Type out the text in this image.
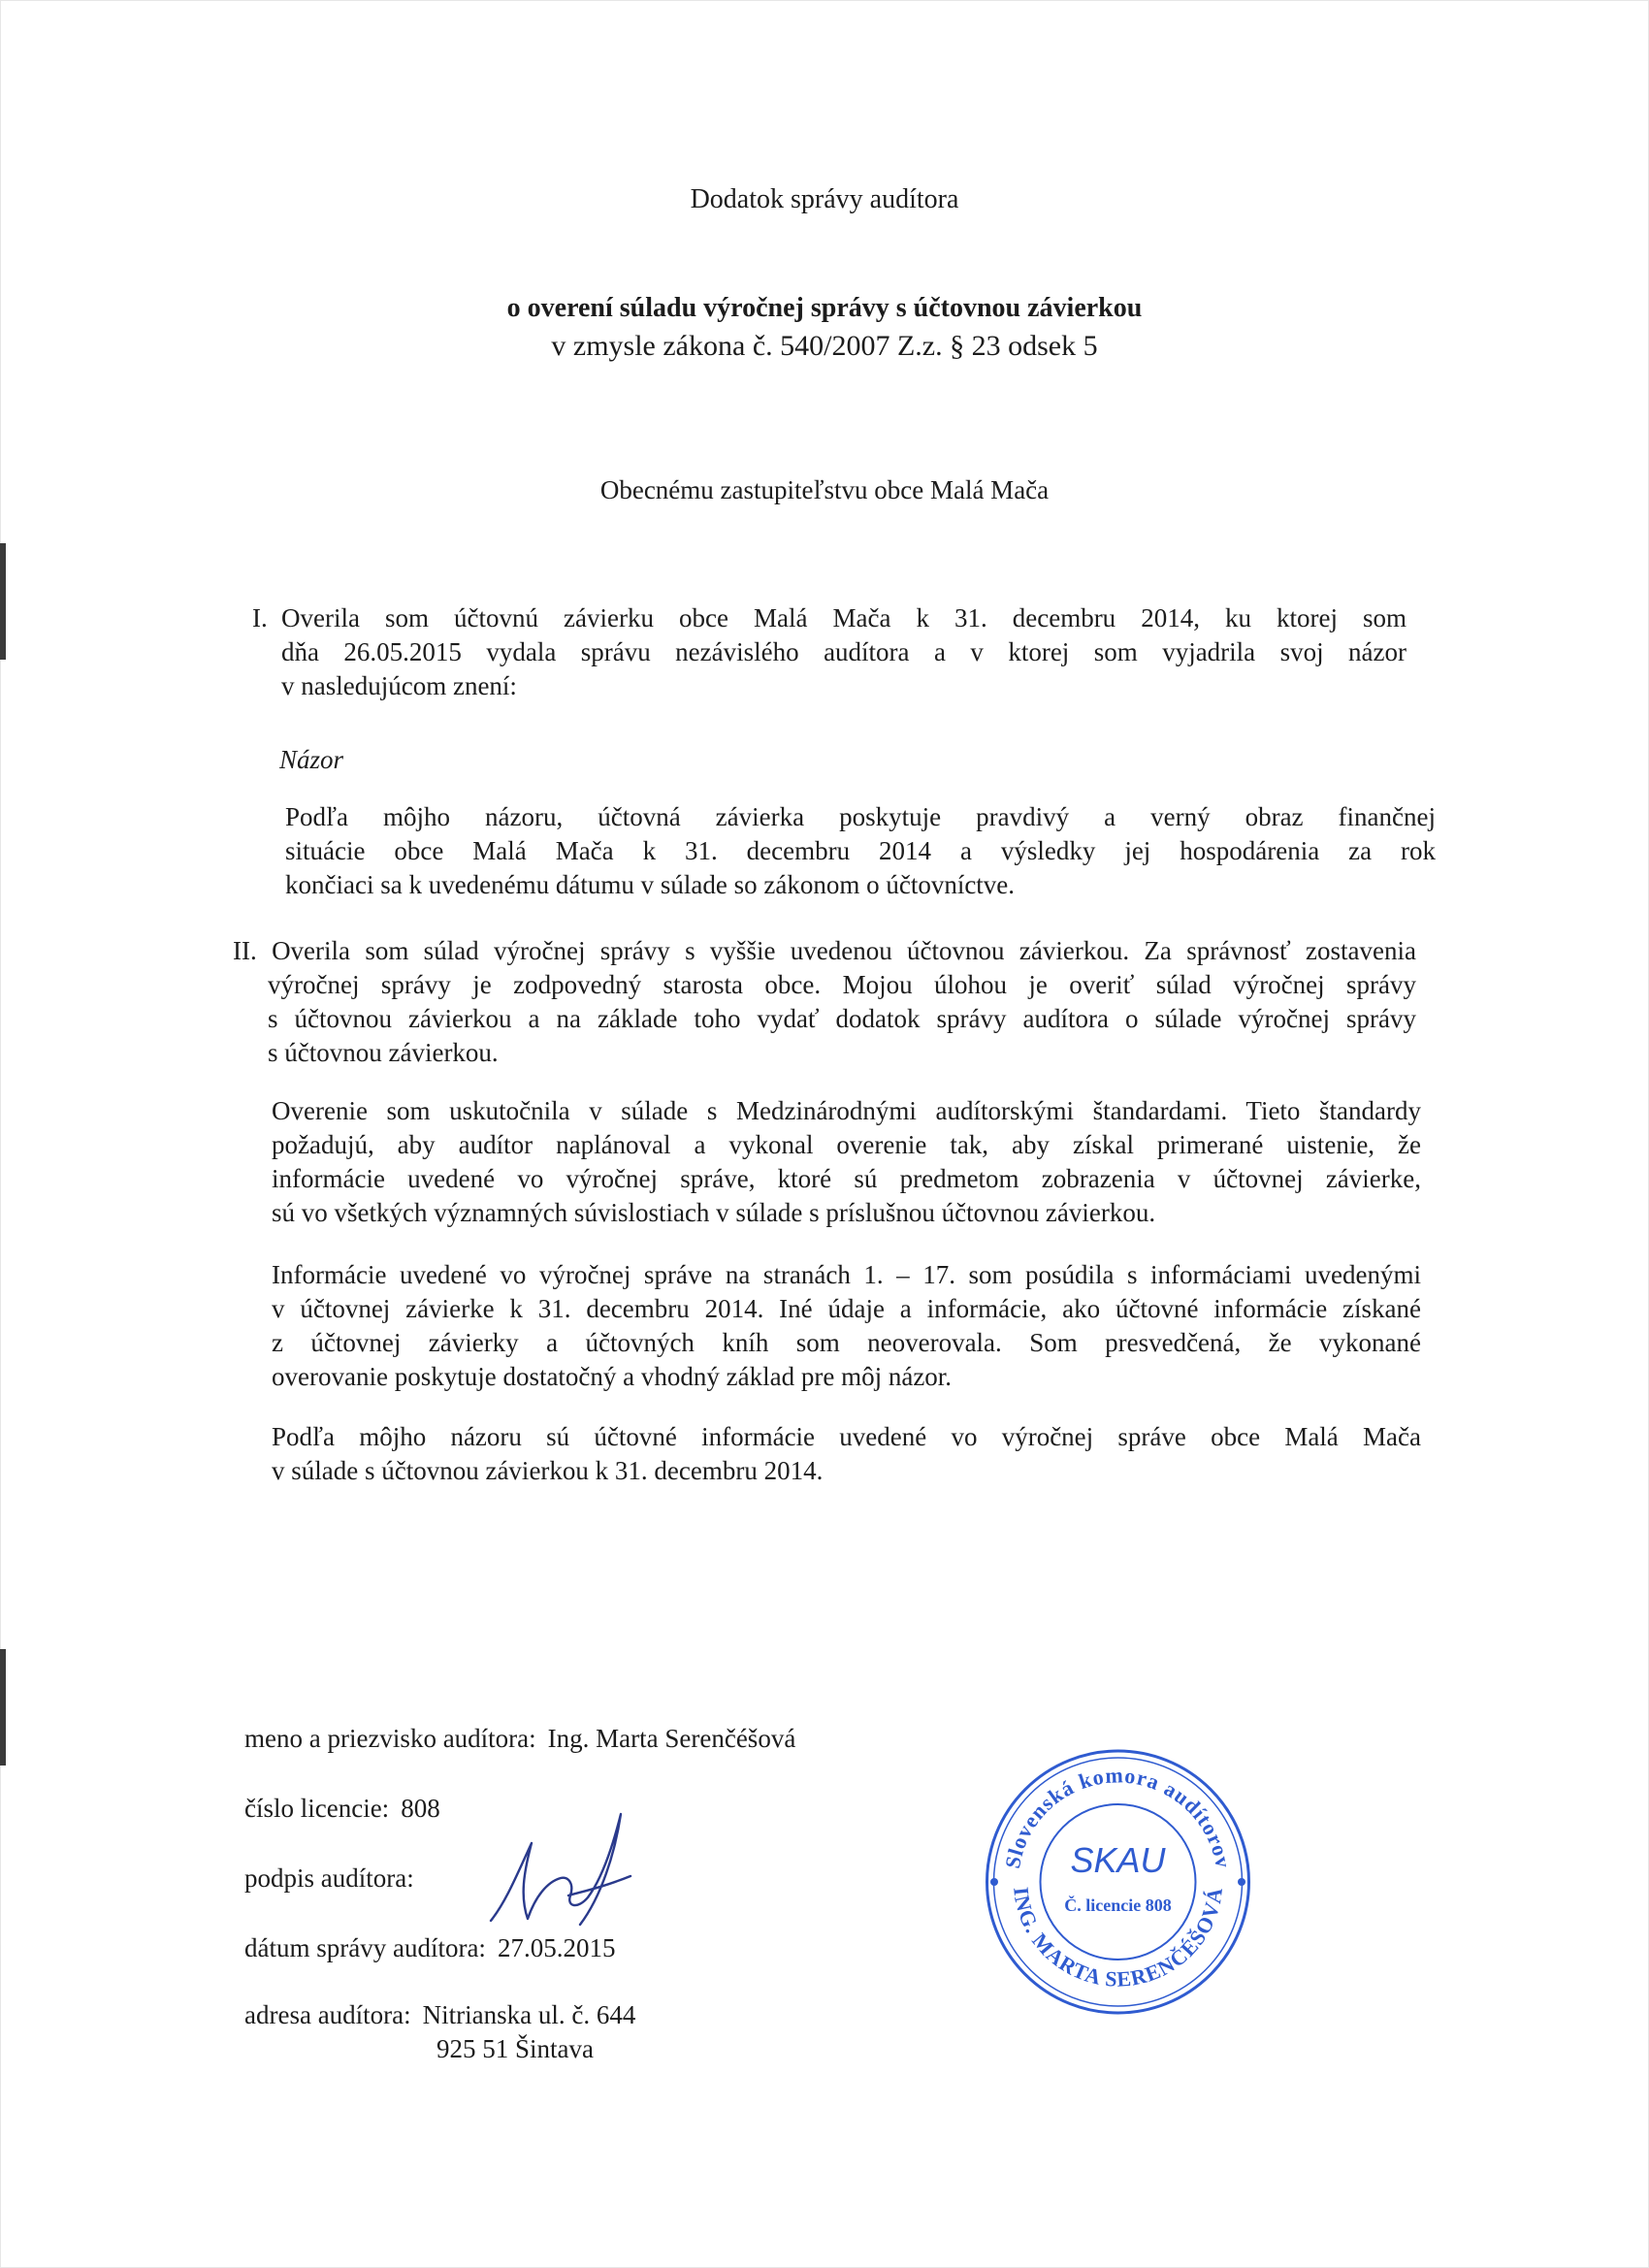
Dodatok správy audítora
o overení súladu výročnej správy s účtovnou závierkou
v zmysle zákona č. 540/2007 Z.z. § 23 odsek 5
Obecnému zastupiteľstvu obce Malá Mača
I. Overila som účtovnú závierku obce Malá Mača k 31. decembru 2014, ku ktorej som
dňa 26.05.2015 vydala správu nezávislého audítora a v ktorej som vyjadrila svoj názor
v nasledujúcom znení:
Názor
Podľa môjho názoru, účtovná závierka poskytuje pravdivý a verný obraz finančnej
situácie obce Malá Mača k 31. decembru 2014 a výsledky jej hospodárenia za rok
končiaci sa k uvedenému dátumu v súlade so zákonom o účtovníctve.
II. Overila som súlad výročnej správy s vyššie uvedenou účtovnou závierkou. Za správnosť zostavenia
výročnej správy je zodpovedný starosta obce. Mojou úlohou je overiť súlad výročnej správy
s účtovnou závierkou a na základe toho vydať dodatok správy audítora o súlade výročnej správy
s účtovnou závierkou.
Overenie som uskutočnila v súlade s Medzinárodnými audítorskými štandardami. Tieto štandardy
požadujú, aby audítor naplánoval a vykonal overenie tak, aby získal primerané uistenie, že
informácie uvedené vo výročnej správe, ktoré sú predmetom zobrazenia v účtovnej závierke,
sú vo všetkých významných súvislostiach v súlade s príslušnou účtovnou závierkou.
Informácie uvedené vo výročnej správe na stranách 1. – 17. som posúdila s informáciami uvedenými
v účtovnej závierke k 31. decembru 2014. Iné údaje a informácie, ako účtovné informácie získané
z účtovnej závierky a účtovných kníh som neoverovala. Som presvedčená, že vykonané
overovanie poskytuje dostatočný a vhodný základ pre môj názor.
Podľa môjho názoru sú účtovné informácie uvedené vo výročnej správe obce Malá Mača
v súlade s účtovnou závierkou k 31. decembru 2014.
meno a priezvisko audítora: Ing. Marta Serenčéšová
číslo licencie: 808
podpis audítora:
dátum správy audítora: 27.05.2015
adresa audítora: Nitrianska ul. č. 644
925 51 Šintava
Slovenská komora audítorov
ING. MARTA SERENČÉŠOVÁ
SKAU
Č. licencie 808
